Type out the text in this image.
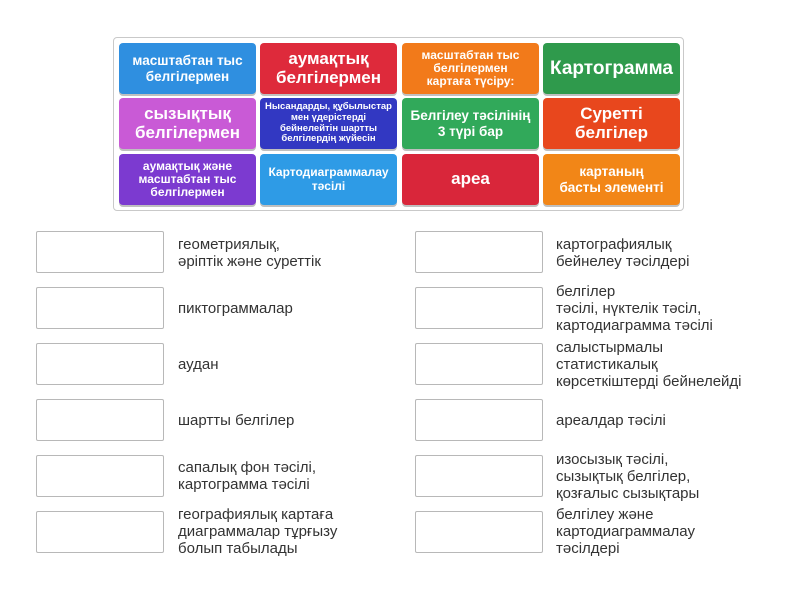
масштабтан тыс
белгілермен
аумақтық
белгілермен
масштабтан тыс
белгілермен
картаға түсіру:
Картограмма
сызықтық
белгілермен
Нысандарды, құбылыстар
мен үдерістерді
бейнелейтін шартты
белгілердің жүйесін
Белгілеу тәсілінің
3 түрі бар
Суретті
белгілер
аумақтық және
масштабтан тыс
белгілермен
Картодиаграммалау
тәсілі	ареа	картаның
басты элементі
геометриялық,
әріптік және суреттік
пиктограммалар
аудан
шартты белгілер
сапалық фон тәсілі,
картограмма тәсілі
географиялық картаға
диаграммалар тұрғызу
болып табылады
картографиялық
бейнелеу тәсілдері
белгілер
тәсілі, нүктелік тәсіл,
картодиаграмма тәсілі
салыстырмалы
статистикалық
көрсеткіштерді бейнелейді
ареалдар тәсілі
изосызық тәсілі,
сызықтық белгілер,
қозғалыс сызықтары
белгілеу және
картодиаграммалау
тәсілдері
